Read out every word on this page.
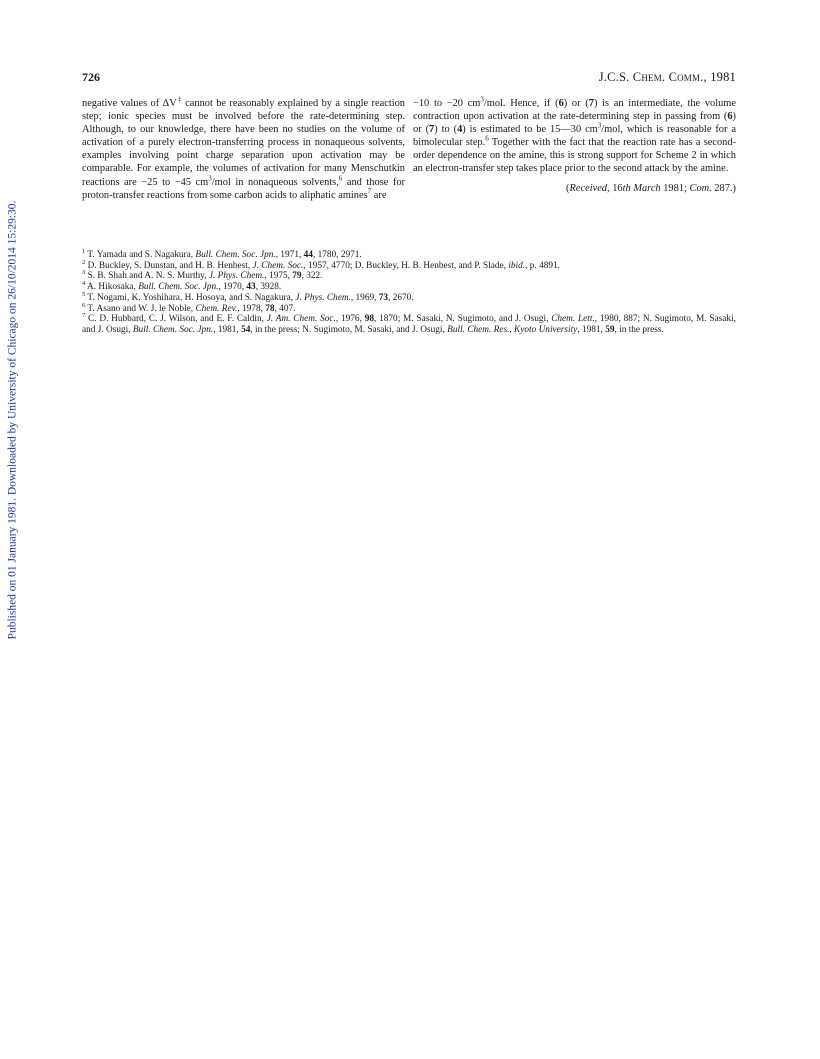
Published on 01 January 1981. Downloaded by University of Chicago on 26/10/2014 15:29:30.
726	J.C.S. Chem. Comm., 1981

negative values of ΔV‡ cannot be reasonably explained by a single reaction step; ionic species must be involved before the rate-determining step. Although, to our knowledge, there have been no studies on the volume of activation of a purely electron-transferring process in nonaqueous solvents, examples involving point charge separation upon activation may be comparable. For example, the volumes of activation for many Menschutkin reactions are −25 to −45 $cm^3$/mol in nonaqueous solvents,$^6$ and those for proton-transfer reactions from some carbon acids to aliphatic amines$^7$ are

−10 to −20 $cm^3$/mol. Hence, if (6) or (7) is an intermediate, the volume contraction upon activation at the rate-determining step in passing from (6) or (7) to (4) is estimated to be 15—30 $cm^3$/mol, which is reasonable for a bimolecular step.$^6$ Together with the fact that the reaction rate has a second-order dependence on the amine, this is strong support for Scheme 2 in which an electron-transfer step takes place prior to the second attack by the amine.

(Received, 16th March 1981; Com. 287.)

$^1$ T. Yamada and S. Nagakura, Bull. Chem. Soc. Jpn., 1971, 44, 1780, 2971.
$^2$ D. Buckley, S. Dunstan, and H. B. Henbest, J. Chem. Soc., 1957, 4770; D. Buckley, H. B. Henbest, and P. Slade, ibid., p. 4891.
$^3$ S. B. Shah and A. N. S. Murthy, J. Phys. Chem., 1975, 79, 322.
$^4$ A. Hikosaka, Bull. Chem. Soc. Jpn., 1970, 43, 3928.
$^5$ T. Nogami, K. Yoshihara, H. Hosoya, and S. Nagakura, J. Phys. Chem., 1969, 73, 2670.
$^6$ T. Asano and W. J. le Noble, Chem. Rev., 1978, 78, 407.
$^7$ C. D. Hubbard, C. J. Wilson, and E. F. Caldin, J. Am. Chem. Soc., 1976, 98, 1870; M. Sasaki, N. Sugimoto, and J. Osugi, Chem. Lett., 1980, 887; N. Sugimoto, M. Sasaki, and J. Osugi, Bull. Chem. Soc. Jpn., 1981, 54, in the press; N. Sugimoto, M. Sasaki, and J. Osugi, Bull. Chem. Res., Kyoto University, 1981, 59, in the press.
